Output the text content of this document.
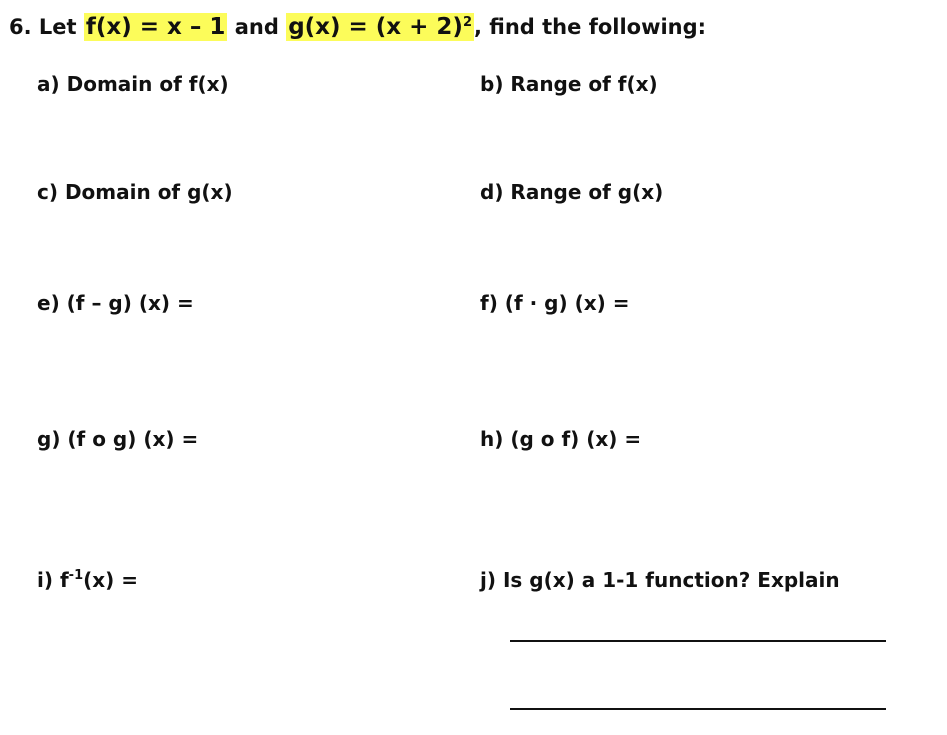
6. Let f(x) = x – 1 and $g(x) = (x + 2)^2$, find the following:
a) Domain of f(x)	b) Range of f(x)
c) Domain of g(x)	d) Range of g(x)
e) (f – g) (x) =	f) (f · g) (x) =
g) (f o g) (x) =	h) (g o f) (x) =
i) $f^{-1}(x)$ =	j) Is g(x) a 1-1 function? Explain
